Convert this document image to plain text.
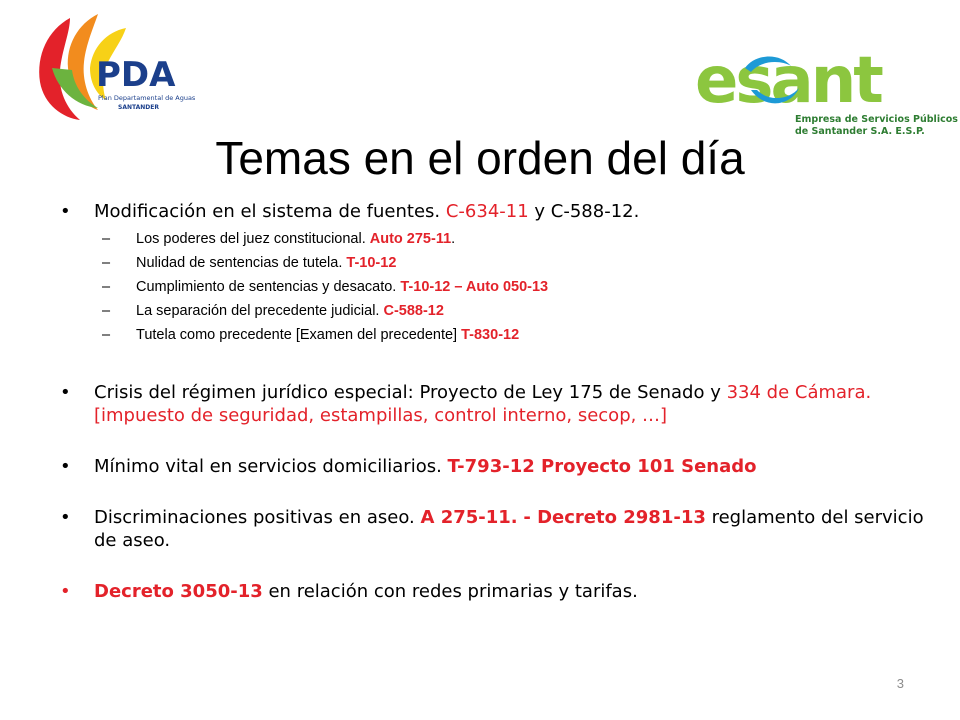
PDA
Plan Departamental de Aguas
SANTANDER	esant
Empresa de Servicios Públicos
de Santander S.A. E.S.P.
Temas en el orden del día
• Modificación en el sistema de fuentes. C-634-11 y C-588-12.
– Los poderes del juez constitucional. Auto 275-11.
– Nulidad de sentencias de tutela. T-10-12
– Cumplimiento de sentencias y desacato. T-10-12 – Auto 050-13
– La separación del precedente judicial. C-588-12
– Tutela como precedente [Examen del precedente] T-830-12
• Crisis del régimen jurídico especial: Proyecto de Ley 175 de Senado y 334 de Cámara. [impuesto de seguridad, estampillas, control interno, secop, …]
• Mínimo vital en servicios domiciliarios. T-793-12 Proyecto 101 Senado
• Discriminaciones positivas en aseo. A 275-11. - Decreto 2981-13 reglamento del servicio de aseo.
• Decreto 3050-13 en relación con redes primarias y tarifas.
3
